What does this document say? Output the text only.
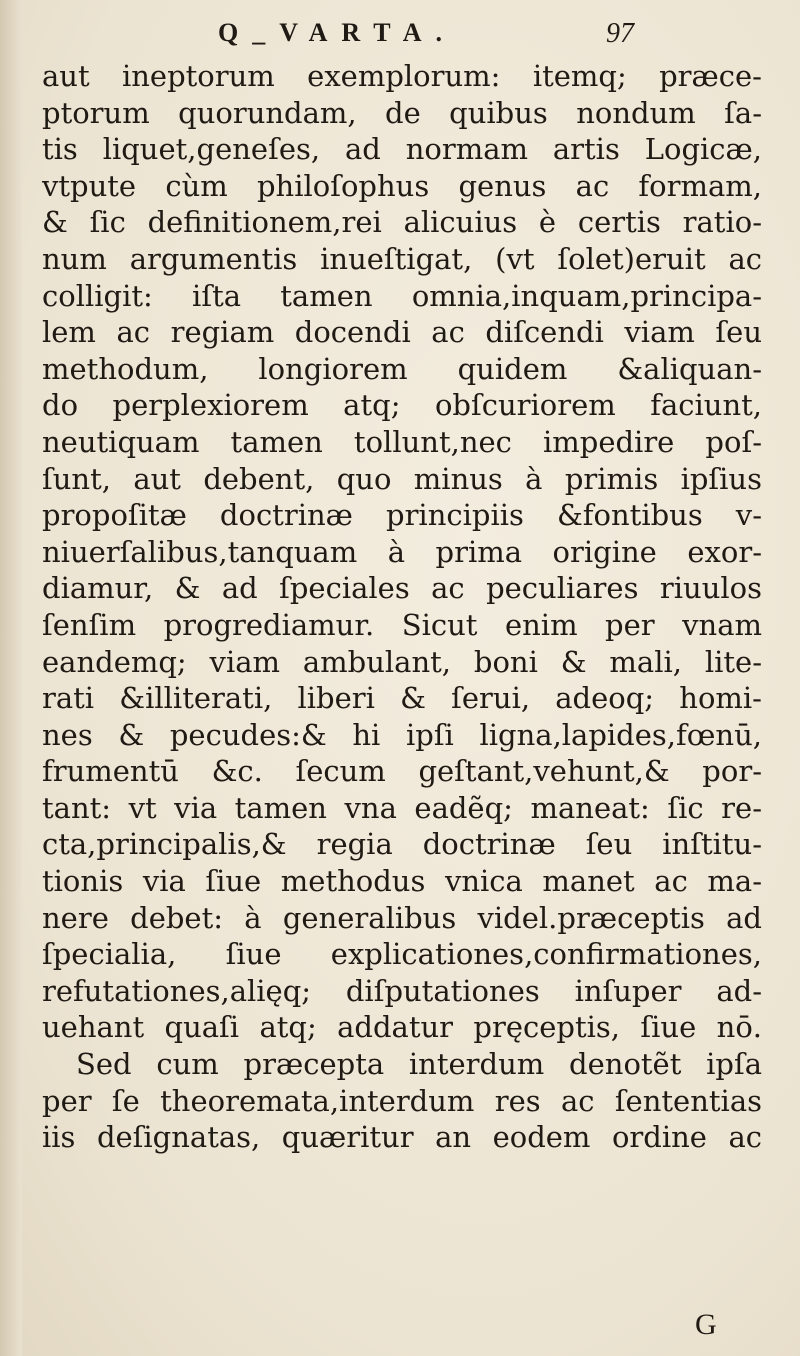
Q_VARTA.	97
aut ineptorum exemplorum: itemq; præce-
ptorum quorundam, de quibus nondum ſa-
tis liquet,geneſes, ad normam artis Logicæ,
vtpute cùm philoſophus genus ac formam,
& ſic definitionem,rei alicuius è certis ratio-
num argumentis inueſtigat, (vt ſolet)eruit ac
colligit: iſta tamen omnia,inquam,principa-
lem ac regiam docendi ac diſcendi viam ſeu
methodum, longiorem quidem &aliquan-
do perplexiorem atq; obſcuriorem faciunt,
neutiquam tamen tollunt,nec impedire poſ-
ſunt, aut debent, quo minus à primis ipſius
propoſitæ doctrinæ principiis &fontibus v-
niuerſalibus,tanquam à prima origine exor-
diamur, & ad ſpeciales ac peculiares riuulos
ſenſim progrediamur. Sicut enim per vnam
eandemq; viam ambulant, boni & mali, lite-
rati &illiterati, liberi & ſerui, adeoq; homi-
nes & pecudes:& hi ipſi ligna,lapides,fœnū,
frumentū &c. ſecum geſtant,vehunt,& por-
tant: vt via tamen vna eadẽq; maneat: ſic re-
cta,principalis,& regia doctrinæ ſeu inſtitu-
tionis via ſiue methodus vnica manet ac ma-
nere debet: à generalibus videl.præceptis ad
ſpecialia, ſiue explicationes,confirmationes,
refutationes,alięq; diſputationes inſuper ad-
uehant quaſi atq; addatur pręceptis, ſiue nō.
Sed cum præcepta interdum denotẽt ipſa
per ſe theoremata,interdum res ac ſententias
iis deſignatas, quæritur an eodem ordine ac
G
